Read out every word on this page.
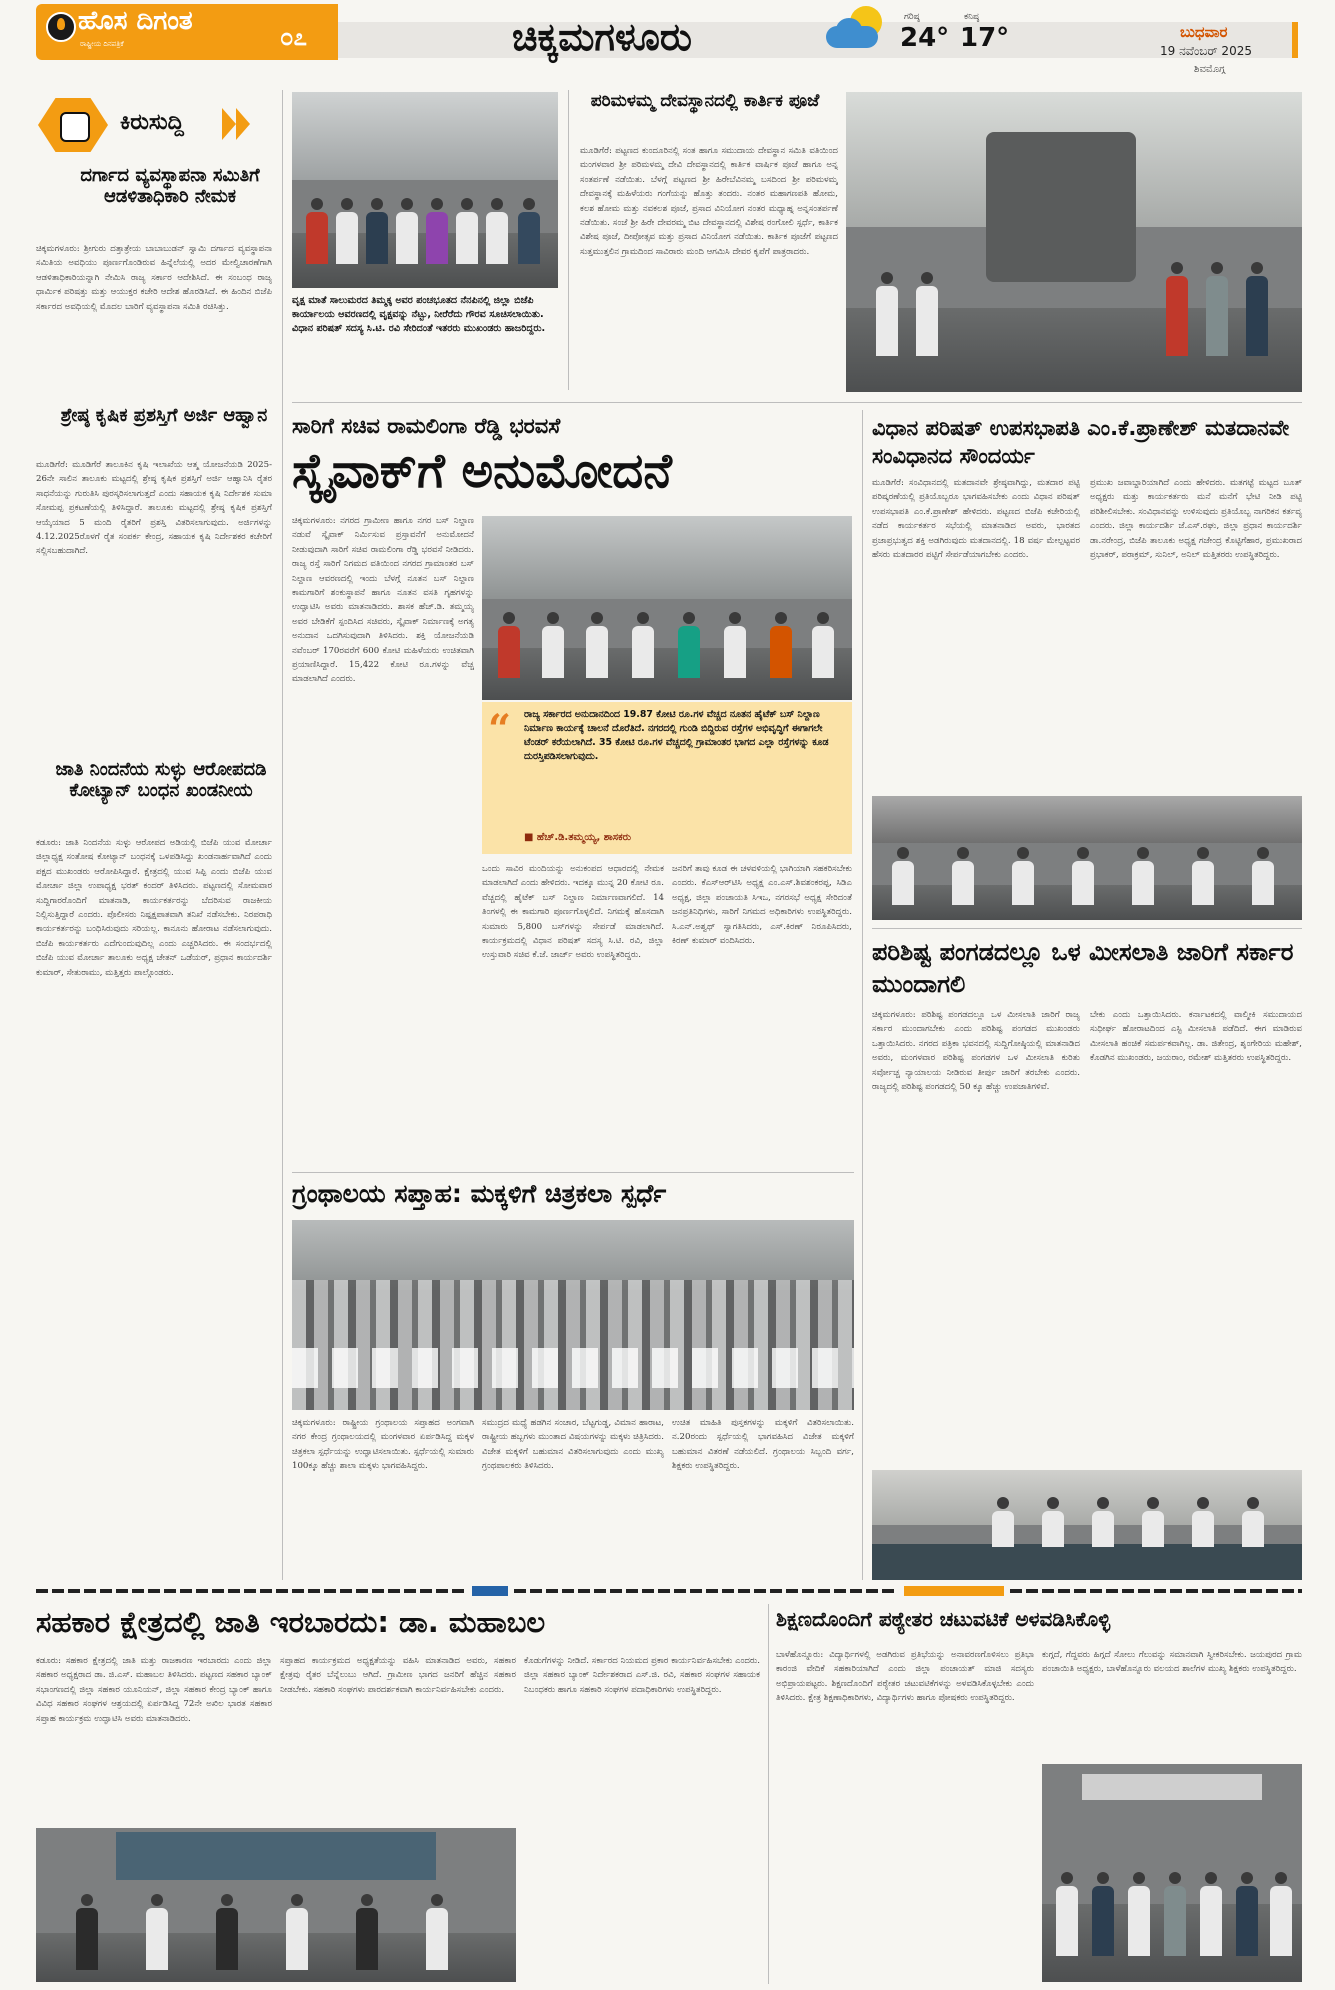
ಹೊಸ ದಿಗಂತ
ರಾಷ್ಟ್ರೀಯ ದಿನಪತ್ರಿಕೆ	೦೭	ಚಿಕ್ಕಮಗಳೂರು	ಗರಿಷ್ಠ
24°
ಕನಿಷ್ಠ
17°	ಬುಧವಾರ
19 ನವೆಂಬರ್ 2025
ಶಿವಮೊಗ್ಗ
ಕಿರುಸುದ್ದಿ
ದರ್ಗಾದ ವ್ಯವಸ್ಥಾಪನಾ ಸಮಿತಿಗೆ ಆಡಳಿತಾಧಿಕಾರಿ ನೇಮಕ
ಚಿಕ್ಕಮಗಳೂರು: ಶ್ರೀಗುರು ದತ್ತಾತ್ರೇಯ ಬಾಬಾಬುಡನ್ ಸ್ವಾಮಿ ದರ್ಗಾದ ವ್ಯವಸ್ಥಾಪನಾ ಸಮಿತಿಯ ಅವಧಿಯು ಪೂರ್ಣಗೊಂಡಿರುವ ಹಿನ್ನೆಲೆಯಲ್ಲಿ ಅದರ ಮೇಲ್ವಿಚಾರಣೆಗಾಗಿ ಆಡಳಿತಾಧಿಕಾರಿಯನ್ನಾಗಿ ನೇಮಿಸಿ ರಾಜ್ಯ ಸರ್ಕಾರ ಆದೇಶಿಸಿದೆ. ಈ ಸಂಬಂಧ ರಾಜ್ಯ ಧಾರ್ಮಿಕ ಪರಿಷತ್ತು ಮತ್ತು ಆಯುಕ್ತರ ಕಚೇರಿ ಆದೇಶ ಹೊರಡಿಸಿದೆ. ಈ ಹಿಂದಿನ ಬಿಜೆಪಿ ಸರ್ಕಾರದ ಅವಧಿಯಲ್ಲಿ ಮೊದಲ ಬಾರಿಗೆ ವ್ಯವಸ್ಥಾಪನಾ ಸಮಿತಿ ರಚಿಸಿತ್ತು.
ಶ್ರೇಷ್ಠ ಕೃಷಿಕ ಪ್ರಶಸ್ತಿಗೆ ಅರ್ಜಿ ಆಹ್ವಾನ
ಮೂಡಿಗೆರೆ: ಮೂಡಿಗೆರೆ ತಾಲೂಕಿನ ಕೃಷಿ ಇಲಾಖೆಯ ಆತ್ಮ ಯೋಜನೆಯಡಿ 2025-26ನೇ ಸಾಲಿನ ತಾಲೂಕು ಮಟ್ಟದಲ್ಲಿ ಶ್ರೇಷ್ಠ ಕೃಷಿಕ ಪ್ರಶಸ್ತಿಗೆ ಅರ್ಜಿ ಆಹ್ವಾನಿಸಿ ರೈತರ ಸಾಧನೆಯನ್ನು ಗುರುತಿಸಿ ಪುರಸ್ಕರಿಸಲಾಗುತ್ತದೆ ಎಂದು ಸಹಾಯಕ ಕೃಷಿ ನಿರ್ದೇಶಕ ಸುಮಾ ಸೋಮಪ್ಪ ಪ್ರಕಟಣೆಯಲ್ಲಿ ತಿಳಿಸಿದ್ದಾರೆ. ತಾಲೂಕು ಮಟ್ಟದಲ್ಲಿ ಶ್ರೇಷ್ಠ ಕೃಷಿಕ ಪ್ರಶಸ್ತಿಗೆ ಆಯ್ಕೆಯಾದ 5 ಮಂದಿ ರೈತರಿಗೆ ಪ್ರಶಸ್ತಿ ವಿತರಿಸಲಾಗುವುದು. ಅರ್ಜಿಗಳನ್ನು 4.12.2025ರೊಳಗೆ ರೈತ ಸಂಪರ್ಕ ಕೇಂದ್ರ, ಸಹಾಯಕ ಕೃಷಿ ನಿರ್ದೇಶಕರ ಕಚೇರಿಗೆ ಸಲ್ಲಿಸಬಹುದಾಗಿದೆ.
ಜಾತಿ ನಿಂದನೆಯ ಸುಳ್ಳು ಆರೋಪದಡಿ ಕೋಟ್ಯಾನ್ ಬಂಧನ ಖಂಡನೀಯ
ಕಡೂರು: ಜಾತಿ ನಿಂದನೆಯ ಸುಳ್ಳು ಆರೋಪದ ಅಡಿಯಲ್ಲಿ ಬಿಜೆಪಿ ಯುವ ಮೋರ್ಚಾ ಜಿಲ್ಲಾಧ್ಯಕ್ಷ ಸಂತೋಷ ಕೋಟ್ಯಾನ್ ಬಂಧನಕ್ಕೆ ಒಳಪಡಿಸಿದ್ದು ಖಂಡನಾರ್ಹವಾಗಿದೆ ಎಂದು ಪಕ್ಷದ ಮುಖಂಡರು ಆರೋಪಿಸಿದ್ದಾರೆ. ಕ್ಷೇತ್ರದಲ್ಲಿ ಯುವ ಸಿಪ್ಪಿ ಎಂದು ಬಿಜೆಪಿ ಯುವ ಮೋರ್ಚಾ ಜಿಲ್ಲಾ ಉಪಾಧ್ಯಕ್ಷ ಭರತ್ ಕಂದರ್ ತಿಳಿಸಿದರು. ಪಟ್ಟಣದಲ್ಲಿ ಸೋಮವಾರ ಸುದ್ದಿಗಾರರೊಂದಿಗೆ ಮಾತನಾಡಿ, ಕಾರ್ಯಕರ್ತರನ್ನು ಬೆದರಿಸುವ ರಾಜಕೀಯ ನಿಲ್ಲಿಸುತ್ತಿದ್ದಾರೆ ಎಂದರು. ಪೊಲೀಸರು ನಿಷ್ಪಕ್ಷಪಾತವಾಗಿ ತನಿಖೆ ನಡೆಸಬೇಕು. ನಿರಪರಾಧಿ ಕಾರ್ಯಕರ್ತರನ್ನು ಬಂಧಿಸಿರುವುದು ಸರಿಯಲ್ಲ. ಕಾನೂನು ಹೋರಾಟ ನಡೆಸಲಾಗುವುದು. ಬಿಜೆಪಿ ಕಾರ್ಯಕರ್ತರು ಎದೆಗುಂದುವುದಿಲ್ಲ ಎಂದು ಎಚ್ಚರಿಸಿದರು. ಈ ಸಂದರ್ಭದಲ್ಲಿ ಬಿಜೆಪಿ ಯುವ ಮೋರ್ಚಾ ತಾಲೂಕು ಅಧ್ಯಕ್ಷ ಚೇತನ್ ಒಡೆಯರ್, ಪ್ರಧಾನ ಕಾರ್ಯದರ್ಶಿ ಕುಮಾರ್, ಸೇತುರಾಮು, ಮತ್ತಿತ್ತರು ಪಾಲ್ಗೊಂಡರು.
ವೃಕ್ಷ ಮಾತೆ ಸಾಲುಮರದ ತಿಮ್ಮಕ್ಕ ಅವರ ಪಂಚಭೂತದ ನೆನಪಿನಲ್ಲಿ ಜಿಲ್ಲಾ ಬಿಜೆಪಿ ಕಾರ್ಯಾಲಯ ಆವರಣದಲ್ಲಿ ವೃಕ್ಷವನ್ನು ನೆಟ್ಟು, ನೀರೆರೆದು ಗೌರವ ಸೂಚಿಸಲಾಯಿತು. ವಿಧಾನ ಪರಿಷತ್ ಸದಸ್ಯ ಸಿ.ಟಿ. ರವಿ ಸೇರಿದಂತೆ ಇತರರು ಮುಖಂಡರು ಹಾಜರಿದ್ದರು.
ಪರಿಮಳಮ್ಮ ದೇವಸ್ಥಾನದಲ್ಲಿ ಕಾರ್ತಿಕ ಪೂಜೆ
ಮೂಡಿಗೆರೆ: ಪಟ್ಟಣದ ಕುಂದೂರಿನಲ್ಲಿ ಸಂತ ಹಾಗೂ ಸಮುದಾಯ ದೇವಸ್ಥಾನ ಸಮಿತಿ ವತಿಯಿಂದ ಮಂಗಳವಾರ ಶ್ರೀ ಪರಿಮಳಮ್ಮ ದೇವಿ ದೇವಸ್ಥಾನದಲ್ಲಿ ಕಾರ್ತಿಕ ವಾರ್ಷಿಕ ಪೂಜೆ ಹಾಗೂ ಅನ್ನ ಸಂತರ್ಪಣೆ ನಡೆಯಿತು. ಬೆಳಗ್ಗೆ ಪಟ್ಟಣದ ಶ್ರೀ ಹಿರೇಬೆವಿನಮ್ಮ ಬಸದಿಂದ ಶ್ರೀ ಪರಿಮಳಮ್ಮ ದೇವಸ್ಥಾನಕ್ಕೆ ಮಹಿಳೆಯರು ಗಂಗೆಯನ್ನು ಹೊತ್ತು ತಂದರು. ನಂತರ ಮಹಾಗಣಪತಿ ಹೋಮ, ಕಲಶ ಹೋಮ ಮತ್ತು ನವಕಲಶ ಪೂಜೆ, ಪ್ರಸಾದ ವಿನಿಯೋಗ ನಂತರ ಮಧ್ಯಾಹ್ನ ಅನ್ನಸಂತರ್ಪಣೆ ನಡೆಯಿತು. ಸಂಜೆ ಶ್ರೀ ಹಿರೇ ದೇವರಮ್ಮ ಬಿಟ ದೇವಸ್ಥಾನದಲ್ಲಿ ವಿಶೇಷ ರಂಗೋಲಿ ಸ್ಪರ್ಧೆ, ಕಾರ್ತಿಕ ವಿಶೇಷ ಪೂಜೆ, ದೀಪೋತ್ಸವ ಮತ್ತು ಪ್ರಸಾದ ವಿನಿಯೋಗ ನಡೆಯಿತು. ಕಾರ್ತಿಕ ಪೂಜೆಗೆ ಪಟ್ಟಣದ ಸುತ್ತಮುತ್ತಲಿನ ಗ್ರಾಮದಿಂದ ಸಾವಿರಾರು ಮಂದಿ ಆಗಮಿಸಿ ದೇವರ ಕೃಪೆಗೆ ಪಾತ್ರರಾದರು.
ಸಾರಿಗೆ ಸಚಿವ ರಾಮಲಿಂಗಾ ರೆಡ್ಡಿ ಭರವಸೆ
ಸ್ಕೈವಾಕ್‌ಗೆ ಅನುಮೋದನೆ
ಚಿಕ್ಕಮಗಳೂರು: ನಗರದ ಗ್ರಾಮೀಣ ಹಾಗೂ ನಗರ ಬಸ್ ನಿಲ್ದಾಣ ನಡುವೆ ಸ್ಕೈವಾಕ್ ನಿರ್ಮಿಸುವ ಪ್ರಸ್ತಾವನೆಗೆ ಅನುಮೋದನೆ ನೀಡುವುದಾಗಿ ಸಾರಿಗೆ ಸಚಿವ ರಾಮಲಿಂಗಾ ರೆಡ್ಡಿ ಭರವಸೆ ನೀಡಿದರು. ರಾಜ್ಯ ರಸ್ತೆ ಸಾರಿಗೆ ನಿಗಮದ ವತಿಯಿಂದ ನಗರದ ಗ್ರಾಮಾಂತರ ಬಸ್ ನಿಲ್ದಾಣ ಆವರಣದಲ್ಲಿ ಇಂದು ಬೆಳಗ್ಗೆ ನೂತನ ಬಸ್ ನಿಲ್ದಾಣ ಕಾಮಗಾರಿಗೆ ಶಂಕುಸ್ಥಾಪನೆ ಹಾಗೂ ನೂತನ ವಸತಿ ಗೃಹಗಳನ್ನು ಉದ್ಘಾಟಿಸಿ ಅವರು ಮಾತನಾಡಿದರು. ಶಾಸಕ ಹೆಚ್.ಡಿ. ತಮ್ಮಯ್ಯ ಅವರ ಬೇಡಿಕೆಗೆ ಸ್ಪಂದಿಸಿದ ಸಚಿವರು, ಸ್ಕೈವಾಕ್ ನಿರ್ಮಾಣಕ್ಕೆ ಅಗತ್ಯ ಅನುದಾನ ಒದಗಿಸುವುದಾಗಿ ತಿಳಿಸಿದರು. ಶಕ್ತಿ ಯೋಜನೆಯಡಿ ನವೆಂಬರ್ 170ರವರೆಗೆ 600 ಕೋಟಿ ಮಹಿಳೆಯರು ಉಚಿತವಾಗಿ ಪ್ರಯಾಣಿಸಿದ್ದಾರೆ. 15,422 ಕೋಟಿ ರೂ.ಗಳನ್ನು ವೆಚ್ಚ ಮಾಡಲಾಗಿದೆ ಎಂದರು.
“ ರಾಜ್ಯ ಸರ್ಕಾರದ ಅನುದಾನದಿಂದ 19.87 ಕೋಟಿ ರೂ.ಗಳ ವೆಚ್ಚದ ನೂತನ ಹೈಟೆಕ್ ಬಸ್ ನಿಲ್ದಾಣ ನಿರ್ಮಾಣ ಕಾರ್ಯಕ್ಕೆ ಚಾಲನೆ ದೊರೆತಿದೆ. ನಗರದಲ್ಲಿ ಗುಂಡಿ ಬಿದ್ದಿರುವ ರಸ್ತೆಗಳ ಅಭಿವೃದ್ಧಿಗೆ ಈಗಾಗಲೇ ಟೆಂಡರ್ ಕರೆಯಲಾಗಿದೆ. 35 ಕೋಟಿ ರೂ.ಗಳ ವೆಚ್ಚದಲ್ಲಿ ಗ್ರಾಮಾಂತರ ಭಾಗದ ಎಲ್ಲಾ ರಸ್ತೆಗಳನ್ನು ಕೂಡ ದುರಸ್ತಿಪಡಿಸಲಾಗುವುದು.
■ ಹೆಚ್.ಡಿ.ತಮ್ಮಯ್ಯ, ಶಾಸಕರು
ಒಂದು ಸಾವಿರ ಮಂದಿಯನ್ನು ಅನುಕಂಪದ ಆಧಾರದಲ್ಲಿ ನೇಮಕ ಮಾಡಲಾಗಿದೆ ಎಂದು ಹೇಳಿದರು. ಇದಕ್ಕೂ ಮುನ್ನ 20 ಕೋಟಿ ರೂ. ವೆಚ್ಚದಲ್ಲಿ ಹೈಟೆಕ್ ಬಸ್ ನಿಲ್ದಾಣ ನಿರ್ಮಾಣವಾಗಲಿದೆ. 14 ತಿಂಗಳಲ್ಲಿ ಈ ಕಾಮಗಾರಿ ಪೂರ್ಣಗೊಳ್ಳಲಿದೆ. ನಿಗಮಕ್ಕೆ ಹೊಸದಾಗಿ ಸುಮಾರು 5,800 ಬಸ್‌ಗಳನ್ನು ಸೇರ್ಪಡೆ ಮಾಡಲಾಗಿದೆ. ಕಾರ್ಯಕ್ರಮದಲ್ಲಿ ವಿಧಾನ ಪರಿಷತ್ ಸದಸ್ಯ ಸಿ.ಟಿ. ರವಿ, ಜಿಲ್ಲಾ ಉಸ್ತುವಾರಿ ಸಚಿವ ಕೆ.ಜೆ. ಜಾರ್ಜ್ ಅವರು ಉಪಸ್ಥಿತರಿದ್ದರು.
ಜನರಿಗೆ ತಾವು ಕೂಡ ಈ ಚಳವಳಿಯಲ್ಲಿ ಭಾಗಿಯಾಗಿ ಸಹಕರಿಸಬೇಕು ಎಂದರು. ಕೆಎಸ್‌ಆರ್‌ಟಿಸಿ ಅಧ್ಯಕ್ಷ ಎಂ.ಎಸ್.ಶಿವಶಂಕರಪ್ಪ, ಸಿಡಿಎ ಅಧ್ಯಕ್ಷ, ಜಿಲ್ಲಾ ಪಂಚಾಯತಿ ಸಿಇಒ, ನಗರಸಭೆ ಅಧ್ಯಕ್ಷ ಸೇರಿದಂತೆ ಜನಪ್ರತಿನಿಧಿಗಳು, ಸಾರಿಗೆ ನಿಗಮದ ಅಧಿಕಾರಿಗಳು ಉಪಸ್ಥಿತರಿದ್ದರು. ಸಿ.ಎನ್.ಅಶ್ವಥ್ ಸ್ವಾಗತಿಸಿದರು, ಎಸ್.ಕಿರಣ್ ನಿರೂಪಿಸಿದರು, ಕಿರಣ್ ಕುಮಾರ್ ವಂದಿಸಿದರು.
ವಿಧಾನ ಪರಿಷತ್ ಉಪಸಭಾಪತಿ ಎಂ.ಕೆ.ಪ್ರಾಣೇಶ್ ಮತದಾನವೇ ಸಂವಿಧಾನದ ಸೌಂದರ್ಯ
ಮೂಡಿಗೆರೆ: ಸಂವಿಧಾನದಲ್ಲಿ ಮತದಾನವೇ ಶ್ರೇಷ್ಠವಾಗಿದ್ದು, ಮತದಾರ ಪಟ್ಟಿ ಪರಿಷ್ಕರಣೆಯಲ್ಲಿ ಪ್ರತಿಯೊಬ್ಬರೂ ಭಾಗವಹಿಸಬೇಕು ಎಂದು ವಿಧಾನ ಪರಿಷತ್ ಉಪಸಭಾಪತಿ ಎಂ.ಕೆ.ಪ್ರಾಣೇಶ್ ಹೇಳಿದರು. ಪಟ್ಟಣದ ಬಿಜೆಪಿ ಕಚೇರಿಯಲ್ಲಿ ನಡೆದ ಕಾರ್ಯಕರ್ತರ ಸಭೆಯಲ್ಲಿ ಮಾತನಾಡಿದ ಅವರು, ಭಾರತದ ಪ್ರಜಾಪ್ರಭುತ್ವದ ಶಕ್ತಿ ಅಡಗಿರುವುದು ಮತದಾನದಲ್ಲಿ. 18 ವರ್ಷ ಮೇಲ್ಪಟ್ಟವರ ಹೆಸರು ಮತದಾರರ ಪಟ್ಟಿಗೆ ಸೇರ್ಪಡೆಯಾಗಬೇಕು ಎಂದರು.
ಪ್ರಮುಖ ಜವಾಬ್ದಾರಿಯಾಗಿದೆ ಎಂದು ಹೇಳಿದರು. ಮತಗಟ್ಟೆ ಮಟ್ಟದ ಬೂತ್ ಅಧ್ಯಕ್ಷರು ಮತ್ತು ಕಾರ್ಯಕರ್ತರು ಮನೆ ಮನೆಗೆ ಭೇಟಿ ನೀಡಿ ಪಟ್ಟಿ ಪರಿಶೀಲಿಸಬೇಕು. ಸಂವಿಧಾನವನ್ನು ಉಳಿಸುವುದು ಪ್ರತಿಯೊಬ್ಬ ನಾಗರಿಕನ ಕರ್ತವ್ಯ ಎಂದರು. ಜಿಲ್ಲಾ ಕಾರ್ಯದರ್ಶಿ ಜೆ.ಎಸ್.ರಘು, ಜಿಲ್ಲಾ ಪ್ರಧಾನ ಕಾರ್ಯದರ್ಶಿ ಡಾ.ನರೇಂದ್ರ, ಬಿಜೆಪಿ ತಾಲೂಕು ಅಧ್ಯಕ್ಷ ಗಜೇಂದ್ರ ಕೊಟ್ಟಿಗೆಹಾರ, ಪ್ರಮುಖರಾದ ಪ್ರಭಾಕರ್, ಪರಾಕ್ರಮ್, ಸುನಿಲ್, ಅನಿಲ್ ಮತ್ತಿತರರು ಉಪಸ್ಥಿತರಿದ್ದರು.
ಪರಿಶಿಷ್ಟ ಪಂಗಡದಲ್ಲೂ ಒಳ ಮೀಸಲಾತಿ ಜಾರಿಗೆ ಸರ್ಕಾರ ಮುಂದಾಗಲಿ
ಚಿಕ್ಕಮಗಳೂರು: ಪರಿಶಿಷ್ಟ ಪಂಗಡದಲ್ಲೂ ಒಳ ಮೀಸಲಾತಿ ಜಾರಿಗೆ ರಾಜ್ಯ ಸರ್ಕಾರ ಮುಂದಾಗಬೇಕು ಎಂದು ಪರಿಶಿಷ್ಟ ಪಂಗಡದ ಮುಖಂಡರು ಒತ್ತಾಯಿಸಿದರು. ನಗರದ ಪತ್ರಿಕಾ ಭವನದಲ್ಲಿ ಸುದ್ದಿಗೋಷ್ಠಿಯಲ್ಲಿ ಮಾತನಾಡಿದ ಅವರು, ಮಂಗಳವಾರ ಪರಿಶಿಷ್ಟ ಪಂಗಡಗಳ ಒಳ ಮೀಸಲಾತಿ ಕುರಿತು ಸರ್ವೋಚ್ಚ ನ್ಯಾಯಾಲಯ ನೀಡಿರುವ ತೀರ್ಪು ಜಾರಿಗೆ ತರಬೇಕು ಎಂದರು. ರಾಜ್ಯದಲ್ಲಿ ಪರಿಶಿಷ್ಟ ಪಂಗಡದಲ್ಲಿ 50 ಕ್ಕೂ ಹೆಚ್ಚು ಉಪಜಾತಿಗಳಿವೆ.
ಬೇಕು ಎಂದು ಒತ್ತಾಯಿಸಿದರು. ಕರ್ನಾಟಕದಲ್ಲಿ ವಾಲ್ಮೀಕಿ ಸಮುದಾಯದ ಸುಧೀರ್ಘ ಹೋರಾಟದಿಂದ ಎಸ್ಟಿ ಮೀಸಲಾತಿ ಪಡೆದಿದೆ. ಈಗ ಮಾಡಿರುವ ಮೀಸಲಾತಿ ಹಂಚಿಕೆ ಸಮರ್ಪಕವಾಗಿಲ್ಲ. ಡಾ. ಜಿತೇಂದ್ರ, ಶೃಂಗೇರಿಯ ಮಹೇಶ್, ಕೊಡಗಿನ ಮುಖಂಡರು, ಜಯರಾಂ, ರಮೇಶ್ ಮತ್ತಿತರರು ಉಪಸ್ಥಿತರಿದ್ದರು.
ಗ್ರಂಥಾಲಯ ಸಪ್ತಾಹ: ಮಕ್ಕಳಿಗೆ ಚಿತ್ರಕಲಾ ಸ್ಪರ್ಧೆ
ಚಿಕ್ಕಮಗಳೂರು: ರಾಷ್ಟ್ರೀಯ ಗ್ರಂಥಾಲಯ ಸಪ್ತಾಹದ ಅಂಗವಾಗಿ ನಗರ ಕೇಂದ್ರ ಗ್ರಂಥಾಲಯದಲ್ಲಿ ಮಂಗಳವಾರ ಏರ್ಪಡಿಸಿದ್ದ ಮಕ್ಕಳ ಚಿತ್ರಕಲಾ ಸ್ಪರ್ಧೆಯನ್ನು ಉದ್ಘಾಟಿಸಲಾಯಿತು. ಸ್ಪರ್ಧೆಯಲ್ಲಿ ಸುಮಾರು 100ಕ್ಕೂ ಹೆಚ್ಚು ಶಾಲಾ ಮಕ್ಕಳು ಭಾಗವಹಿಸಿದ್ದರು.
ಸಮುದ್ರದ ಮಧ್ಯೆ ಹಡಗಿನ ಸಂಚಾರ, ಬೆಟ್ಟಗುಡ್ಡ, ವಿಮಾನ ಹಾರಾಟ, ರಾಷ್ಟ್ರೀಯ ಹಬ್ಬಗಳು ಮುಂತಾದ ವಿಷಯಗಳನ್ನು ಮಕ್ಕಳು ಚಿತ್ರಿಸಿದರು. ವಿಜೇತ ಮಕ್ಕಳಿಗೆ ಬಹುಮಾನ ವಿತರಿಸಲಾಗುವುದು ಎಂದು ಮುಖ್ಯ ಗ್ರಂಥಪಾಲಕರು ತಿಳಿಸಿದರು.
ಉಚಿತ ಮಾಹಿತಿ ಪುಸ್ತಕಗಳನ್ನು ಮಕ್ಕಳಿಗೆ ವಿತರಿಸಲಾಯಿತು. ನ.20ರಂದು ಸ್ಪರ್ಧೆಯಲ್ಲಿ ಭಾಗವಹಿಸಿದ ವಿಜೇತ ಮಕ್ಕಳಿಗೆ ಬಹುಮಾನ ವಿತರಣೆ ನಡೆಯಲಿದೆ. ಗ್ರಂಥಾಲಯ ಸಿಬ್ಬಂದಿ ವರ್ಗ, ಶಿಕ್ಷಕರು ಉಪಸ್ಥಿತರಿದ್ದರು.
ಸಹಕಾರ ಕ್ಷೇತ್ರದಲ್ಲಿ ಜಾತಿ ಇರಬಾರದು: ಡಾ. ಮಹಾಬಲ
ಕಡೂರು: ಸಹಕಾರ ಕ್ಷೇತ್ರದಲ್ಲಿ ಜಾತಿ ಮತ್ತು ರಾಜಕಾರಣ ಇರಬಾರದು ಎಂದು ಜಿಲ್ಲಾ ಸಹಕಾರ ಅಧ್ಯಕ್ಷರಾದ ಡಾ. ಜಿ.ಎಸ್. ಮಹಾಬಲ ತಿಳಿಸಿದರು. ಪಟ್ಟಣದ ಸಹಕಾರ ಬ್ಯಾಂಕ್ ಸಭಾಂಗಣದಲ್ಲಿ ಜಿಲ್ಲಾ ಸಹಕಾರ ಯೂನಿಯನ್, ಜಿಲ್ಲಾ ಸಹಕಾರ ಕೇಂದ್ರ ಬ್ಯಾಂಕ್ ಹಾಗೂ ವಿವಿಧ ಸಹಕಾರ ಸಂಘಗಳ ಆಶ್ರಯದಲ್ಲಿ ಏರ್ಪಡಿಸಿದ್ದ 72ನೇ ಅಖಿಲ ಭಾರತ ಸಹಕಾರ ಸಪ್ತಾಹ ಕಾರ್ಯಕ್ರಮ ಉದ್ಘಾಟಿಸಿ ಅವರು ಮಾತನಾಡಿದರು.
ಸಪ್ತಾಹದ ಕಾರ್ಯಕ್ರಮದ ಅಧ್ಯಕ್ಷತೆಯನ್ನು ವಹಿಸಿ ಮಾತನಾಡಿದ ಅವರು, ಸಹಕಾರ ಕ್ಷೇತ್ರವು ರೈತರ ಬೆನ್ನೆಲುಬು ಆಗಿದೆ. ಗ್ರಾಮೀಣ ಭಾಗದ ಜನರಿಗೆ ಹೆಚ್ಚಿನ ಸಹಕಾರ ನೀಡಬೇಕು. ಸಹಕಾರಿ ಸಂಘಗಳು ಪಾರದರ್ಶಕವಾಗಿ ಕಾರ್ಯನಿರ್ವಹಿಸಬೇಕು ಎಂದರು.
ಕೊಡುಗೆಗಳನ್ನು ನೀಡಿದೆ. ಸರ್ಕಾರದ ನಿಯಮದ ಪ್ರಕಾರ ಕಾರ್ಯನಿರ್ವಹಿಸಬೇಕು ಎಂದರು. ಜಿಲ್ಲಾ ಸಹಕಾರ ಬ್ಯಾಂಕ್ ನಿರ್ದೇಶಕರಾದ ಎಸ್.ಜಿ. ರವಿ, ಸಹಕಾರ ಸಂಘಗಳ ಸಹಾಯಕ ನಿಬಂಧಕರು ಹಾಗೂ ಸಹಕಾರಿ ಸಂಘಗಳ ಪದಾಧಿಕಾರಿಗಳು ಉಪಸ್ಥಿತರಿದ್ದರು.
ಶಿಕ್ಷಣದೊಂದಿಗೆ ಪಠ್ಯೇತರ ಚಟುವಟಿಕೆ ಅಳವಡಿಸಿಕೊಳ್ಳಿ
ಬಾಳೆಹೊನ್ನೂರು: ವಿದ್ಯಾರ್ಥಿಗಳಲ್ಲಿ ಅಡಗಿರುವ ಪ್ರತಿಭೆಯನ್ನು ಅನಾವರಣಗೊಳಿಸಲು ಪ್ರತಿಭಾ ಕಾರಂಜಿ ವೇದಿಕೆ ಸಹಕಾರಿಯಾಗಿದೆ ಎಂದು ಜಿಲ್ಲಾ ಪಂಚಾಯತ್ ಮಾಜಿ ಸದಸ್ಯರು ಅಭಿಪ್ರಾಯಪಟ್ಟರು. ಶಿಕ್ಷಣದೊಂದಿಗೆ ಪಠ್ಯೇತರ ಚಟುವಟಿಕೆಗಳನ್ನು ಅಳವಡಿಸಿಕೊಳ್ಳಬೇಕು ಎಂದು ತಿಳಿಸಿದರು. ಕ್ಷೇತ್ರ ಶಿಕ್ಷಣಾಧಿಕಾರಿಗಳು, ವಿದ್ಯಾರ್ಥಿಗಳು ಹಾಗೂ ಪೋಷಕರು ಉಪಸ್ಥಿತರಿದ್ದರು.
ಕುಗ್ಗದೆ, ಗೆದ್ದವರು ಹಿಗ್ಗದೆ ಸೋಲು ಗೆಲುವನ್ನು ಸಮಾನವಾಗಿ ಸ್ವೀಕರಿಸಬೇಕು. ಜಯಪುರದ ಗ್ರಾಮ ಪಂಚಾಯಿತಿ ಅಧ್ಯಕ್ಷರು, ಬಾಳೆಹೊನ್ನೂರು ವಲಯದ ಶಾಲೆಗಳ ಮುಖ್ಯ ಶಿಕ್ಷಕರು ಉಪಸ್ಥಿತರಿದ್ದರು.
